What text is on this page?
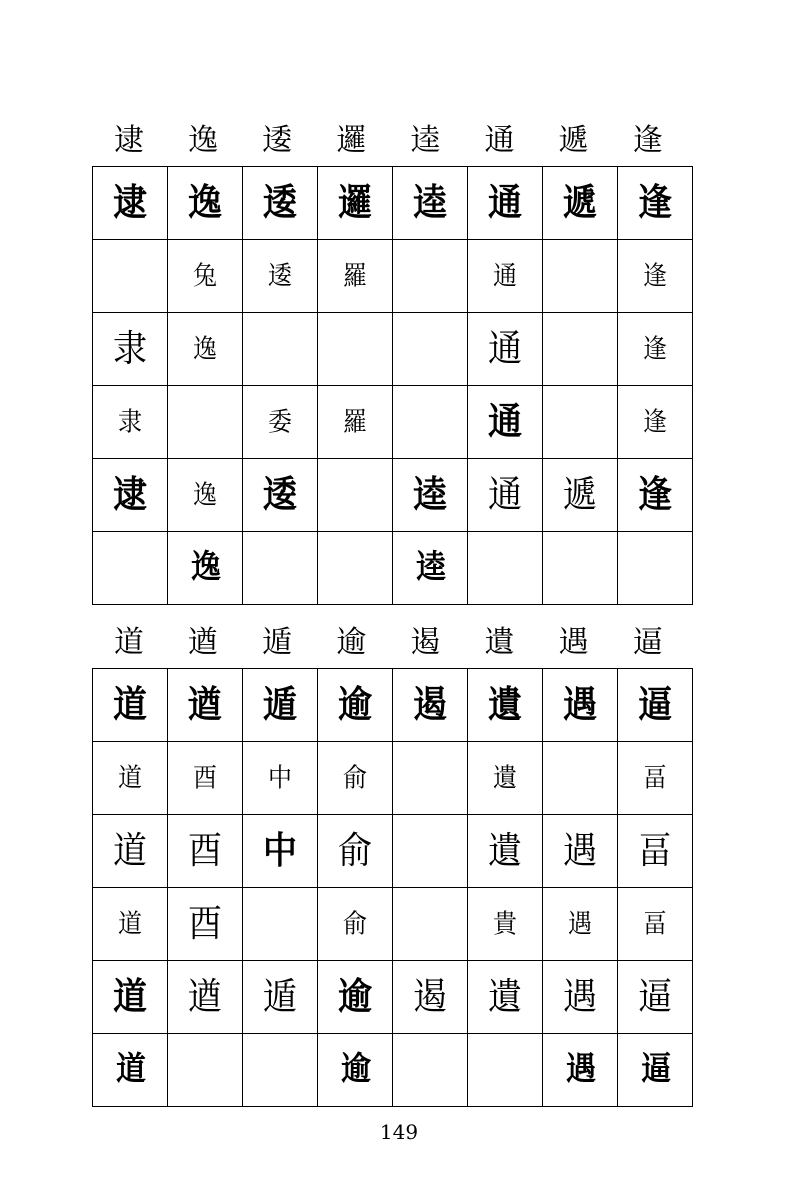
逮	逸	逶	邏	逵	通	遞	逢
逮	逸	逶	邏	逵	通	遞	逢
	兔	逶	羅		通		逢
隶	逸				通		逢
隶		委	羅		通		逢
逮	逸	逶		逵	通	遞	逢
	逸			逵			
道	遒	遁	逾	遏	遺	遇	逼
道	遒	遁	逾	遏	遺	遇	逼
道	酉	中	俞		遺		畐
道	酉	中	俞		遺	遇	畐
道	酉		俞		貴	遇	畐
道	遒	遁	逾	遏	遺	遇	逼
道			逾			遇	逼
149
